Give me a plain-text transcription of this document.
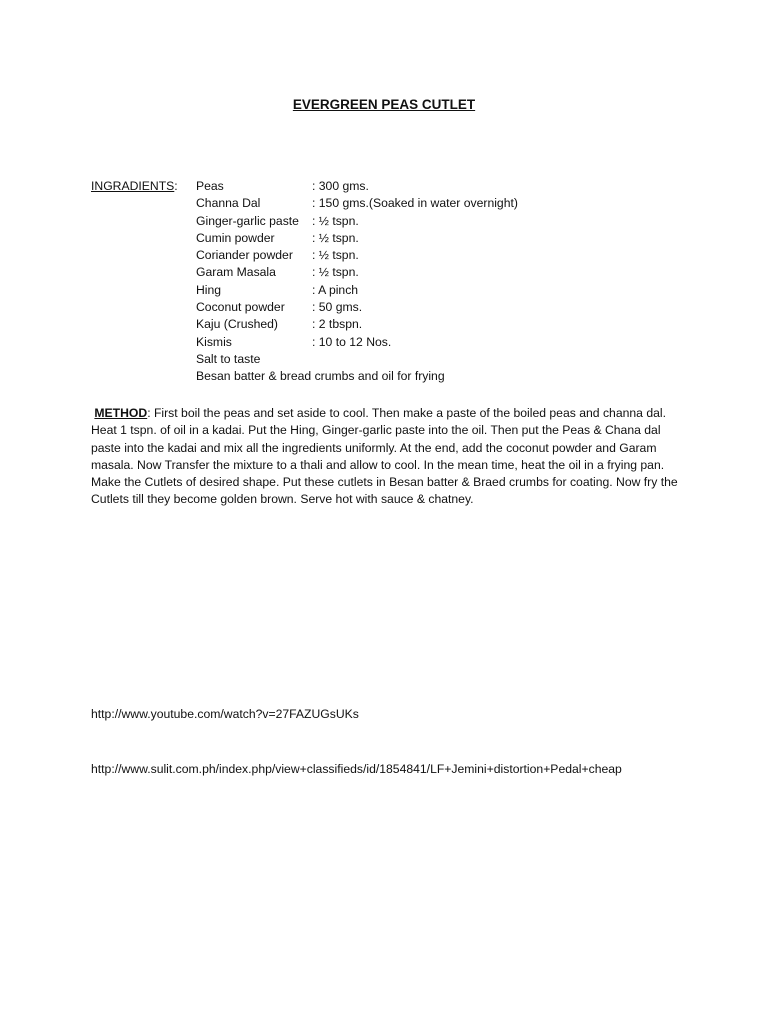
EVERGREEN PEAS CUTLET
INGRADIENTS: Peas	: 300 gms.
Channa Dal	: 150 gms.(Soaked in water overnight)
Ginger-garlic paste	: ½ tspn.
Cumin powder	: ½ tspn.
Coriander powder	: ½ tspn.
Garam Masala	: ½ tspn.
Hing	: A pinch
Coconut powder	: 50 gms.
Kaju (Crushed)	: 2 tbspn.
Kismis	: 10 to 12 Nos.
Salt to taste
Besan batter & bread crumbs and oil for frying
METHOD: First boil the peas and set aside to cool. Then make a paste of the boiled peas and channa dal. Heat 1 tspn. of oil in a kadai. Put the Hing, Ginger-garlic paste into the oil. Then put the Peas & Chana dal paste into the kadai and mix all the ingredients uniformly. At the end, add the coconut powder and Garam masala. Now Transfer the mixture to a thali and allow to cool. In the mean time, heat the oil in a frying pan. Make the Cutlets of desired shape. Put these cutlets in Besan batter & Braed crumbs for coating. Now fry the Cutlets till they become golden brown. Serve hot with sauce & chatney.
http://www.youtube.com/watch?v=27FAZUGsUKs
http://www.sulit.com.ph/index.php/view+classifieds/id/1854841/LF+Jemini+distortion+Pedal+cheap
